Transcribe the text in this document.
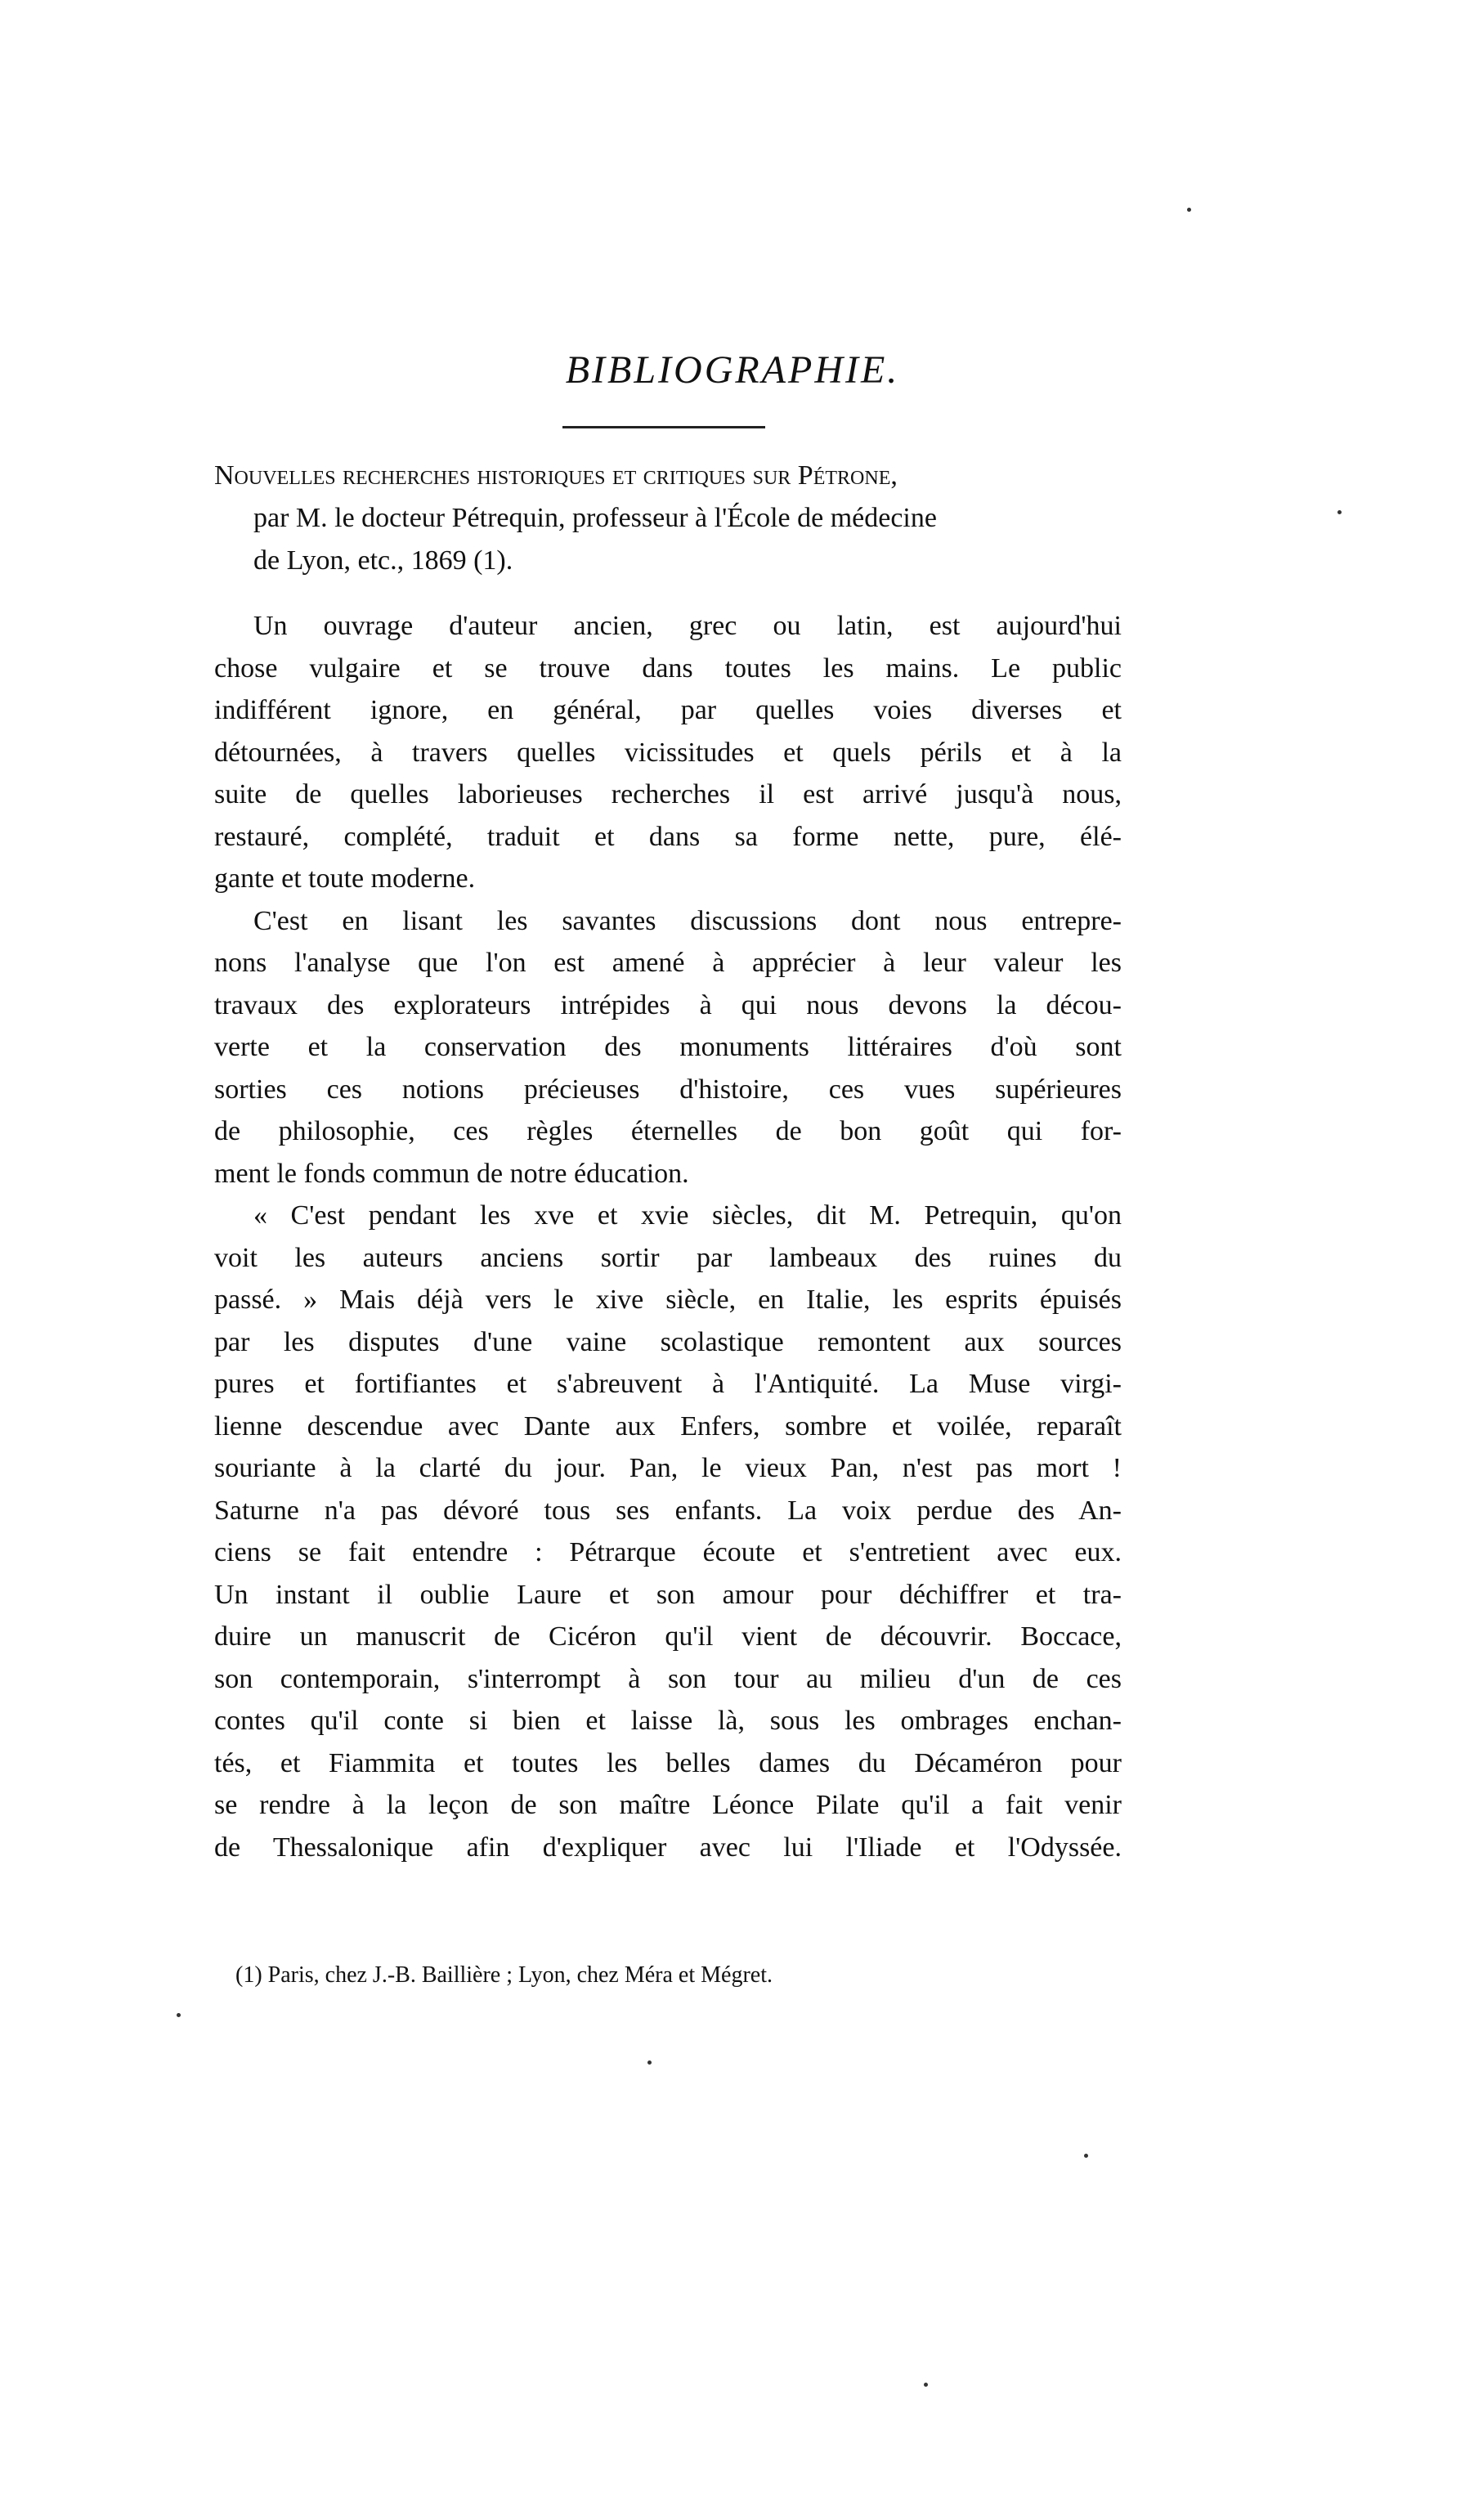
BIBLIOGRAPHIE.

Nouvelles recherches historiques et critiques sur Pétrone,

par M. le docteur Pétrequin, professeur à l'École de médecine

de Lyon, etc., 1869 (1).

Un ouvrage d'auteur ancien, grec ou latin, est aujourd'hui

chose vulgaire et se trouve dans toutes les mains. Le public

indifférent ignore, en général, par quelles voies diverses et

détournées, à travers quelles vicissitudes et quels périls et à la

suite de quelles laborieuses recherches il est arrivé jusqu'à nous,

restauré, complété, traduit et dans sa forme nette, pure, élé-

gante et toute moderne.

C'est en lisant les savantes discussions dont nous entrepre-

nons l'analyse que l'on est amené à apprécier à leur valeur les

travaux des explorateurs intrépides à qui nous devons la décou-

verte et la conservation des monuments littéraires d'où sont

sorties ces notions précieuses d'histoire, ces vues supérieures

de philosophie, ces règles éternelles de bon goût qui for-

ment le fonds commun de notre éducation.

« C'est pendant les xve et xvie siècles, dit M. Petrequin, qu'on

voit les auteurs anciens sortir par lambeaux des ruines du

passé. » Mais déjà vers le xive siècle, en Italie, les esprits épuisés

par les disputes d'une vaine scolastique remontent aux sources

pures et fortifiantes et s'abreuvent à l'Antiquité. La Muse virgi-

lienne descendue avec Dante aux Enfers, sombre et voilée, reparaît

souriante à la clarté du jour. Pan, le vieux Pan, n'est pas mort !

Saturne n'a pas dévoré tous ses enfants. La voix perdue des An-

ciens se fait entendre : Pétrarque écoute et s'entretient avec eux.

Un instant il oublie Laure et son amour pour déchiffrer et tra-

duire un manuscrit de Cicéron qu'il vient de découvrir. Boccace,

son contemporain, s'interrompt à son tour au milieu d'un de ces

contes qu'il conte si bien et laisse là, sous les ombrages enchan-

tés, et Fiammita et toutes les belles dames du Décaméron pour

se rendre à la leçon de son maître Léonce Pilate qu'il a fait venir

de Thessalonique afin d'expliquer avec lui l'Iliade et l'Odyssée.

(1) Paris, chez J.-B. Baillière ; Lyon, chez Méra et Mégret.
